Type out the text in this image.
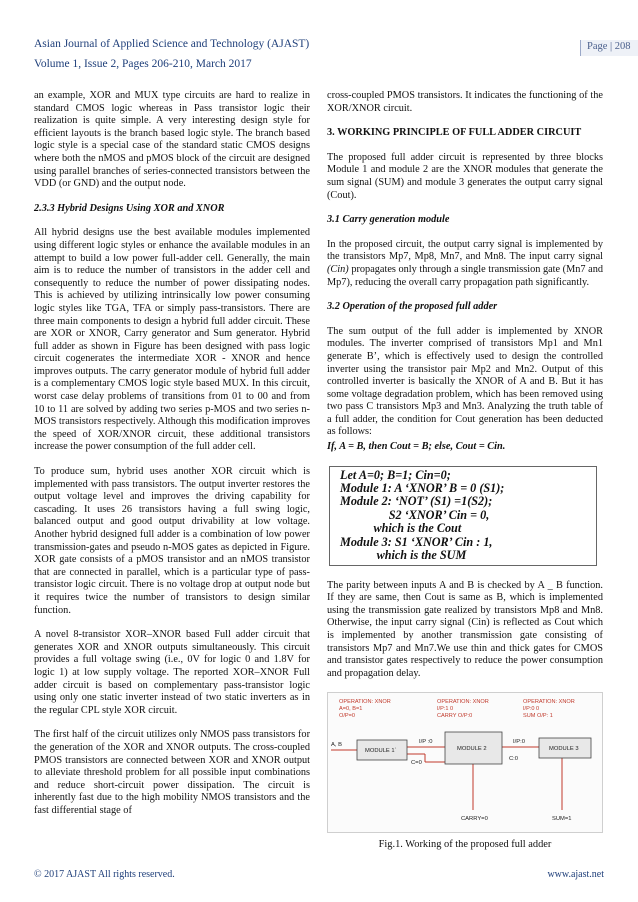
Asian Journal of Applied Science and Technology (AJAST)
Volume 1, Issue 2, Pages 206-210, March 2017
Page | 208

an example, XOR and MUX type circuits are hard to realize in standard CMOS logic whereas in Pass transistor logic their realization is quite simple. A very interesting design style for efficient layouts is the branch based logic style. The branch based logic style is a special case of the standard static CMOS designs where both the nMOS and pMOS block of the circuit are designed using parallel branches of series-connected transistors between the VDD (or GND) and the output node.

2.3.3 Hybrid Designs Using XOR and XNOR

All hybrid designs use the best available modules implemented using different logic styles or enhance the available modules in an attempt to build a low power full-adder cell. Generally, the main aim is to reduce the number of transistors in the adder cell and consequently to reduce the number of power dissipating nodes. This is achieved by utilizing intrinsically low power consuming logic styles like TGA, TFA or simply pass-transistors. There are three main components to design a hybrid full adder circuit. These are XOR or XNOR, Carry generator and Sum generator. Hybrid full adder as shown in Figure has been designed with pass logic circuit cogenerates the intermediate XOR - XNOR and hence improves outputs. The carry generator module of hybrid full adder is a complementary CMOS logic style based MUX. In this circuit, worst case delay problems of transitions from 01 to 00 and from 10 to 11 are solved by adding two series p-MOS and two series n-MOS transistors respectively. Although this modification improves the speed of XOR/XNOR circuit, these additional transistors increase the power consumption of the full adder cell.

To produce sum, hybrid uses another XOR circuit which is implemented with pass transistors. The output inverter restores the output voltage level and improves the driving capability for cascading. It uses 26 transistors having a full swing logic, balanced output and good output drivability at low voltage. Another hybrid designed full adder is a combination of low power transmission-gates and pseudo n-MOS gates as depicted in Figure. XOR gate consists of a pMOS transistor and an nMOS transistor that are connected in parallel, which is a particular type of pass-transistor logic circuit. There is no voltage drop at output node but it requires twice the number of transistors to design similar function.

A novel 8-transistor XOR–XNOR based Full adder circuit that generates XOR and XNOR outputs simultaneously. This circuit provides a full voltage swing (i.e., 0V for logic 0 and 1.8V for logic 1) at low supply voltage. The reported XOR–XNOR Full adder circuit is based on complementary pass-transistor logic using only one static inverter instead of two static inverters as in the regular CPL style XOR circuit.

The first half of the circuit utilizes only NMOS pass transistors for the generation of the XOR and XNOR outputs. The cross-coupled PMOS transistors are connected between XOR and XNOR output to alleviate threshold problem for all possible input combinations and reduce short-circuit power dissipation. The circuit is inherently fast due to the high mobility NMOS transistors and the fast differential stage of

cross-coupled PMOS transistors. It indicates the functioning of the XOR/XNOR circuit.

3. WORKING PRINCIPLE OF FULL ADDER CIRCUIT

The proposed full adder circuit is represented by three blocks Module 1 and module 2 are the XNOR modules that generate the sum signal (SUM) and module 3 generates the output carry signal (Cout).

3.1 Carry generation module

In the proposed circuit, the output carry signal is implemented by the transistors Mp7, Mp8, Mn7, and Mn8. The input carry signal (Cin) propagates only through a single transmission gate (Mn7 and Mp7), reducing the overall carry propagation path significantly.

3.2 Operation of the proposed full adder

The sum output of the full adder is implemented by XNOR modules. The inverter comprised of transistors Mp1 and Mn1 generate B’, which is effectively used to design the controlled inverter using the transistor pair Mp2 and Mn2. Output of this controlled inverter is basically the XNOR of A and B. But it has some voltage degradation problem, which has been removed using two pass C transistors Mp3 and Mn3. Analyzing the truth table of a full adder, the condition for Cout generation has been deducted as follows:

If, A = B, then Cout = B; else, Cout = Cin.

Let A=0; B=1; Cin=0;
Module 1: A ‘XNOR’ B = 0 (S1);
Module 2: ‘NOT’ (S1) =1(S2);
S2 ‘XNOR’ Cin = 0,
which is the Cout
Module 3: S1 ‘XNOR’ Cin : 1,
which is the SUM

The parity between inputs A and B is checked by A _ B function. If they are same, then Cout is same as B, which is implemented using the transmission gate realized by transistors Mp8 and Mn8. Otherwise, the input carry signal (Cin) is reflected as Cout which is implemented by another transmission gate consisting of transistors Mp7 and Mn7.We use thin and thick gates for CMOS and transistor gates respectively to reduce the power consumption and propagation delay.

OPERATION: XNOR
A=0, B=1
O/P=0
OPERATION: XNOR
I/P:1 0
CARRY O/P:0
OPERATION: XNOR
I/P:0 0
SUM O/P: 1
A, B
MODULE 1`	MODULE 2	MODULE 3
I/P :0
C=0
I/P:0
C:0
CARRY=0	SUM=1
Fig.1. Working of the proposed full adder
© 2017 AJAST All rights reserved.	www.ajast.net
